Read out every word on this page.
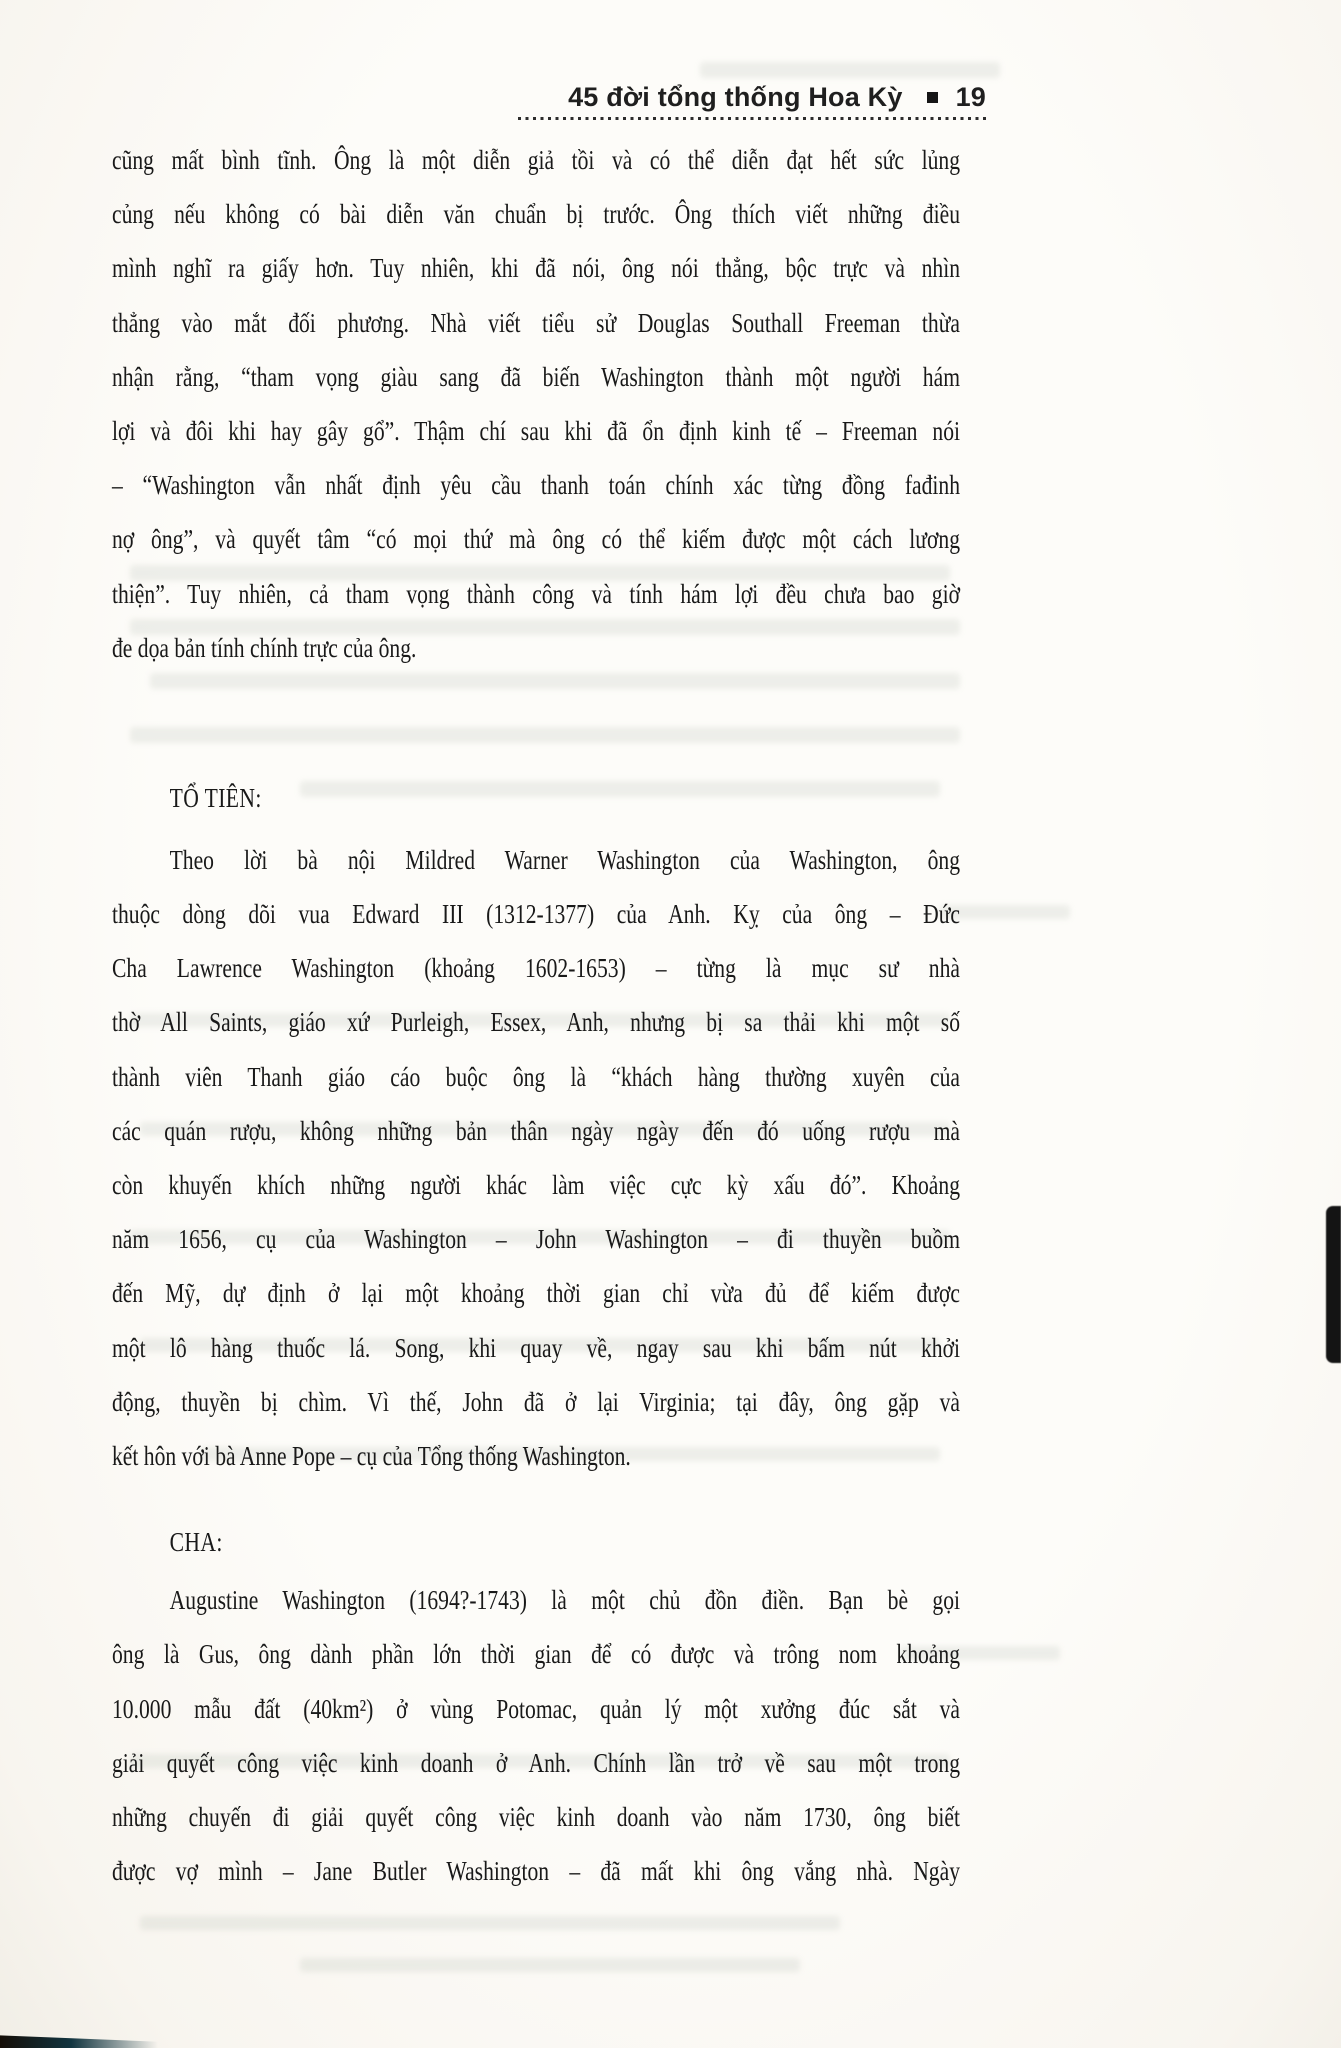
45 đời tổng thống Hoa Kỳ 19
cũng mất bình tĩnh. Ông là một diễn giả tồi và có thể diễn đạt hết sức lủng
củng nếu không có bài diễn văn chuẩn bị trước. Ông thích viết những điều
mình nghĩ ra giấy hơn. Tuy nhiên, khi đã nói, ông nói thẳng, bộc trực và nhìn
thẳng vào mắt đối phương. Nhà viết tiểu sử Douglas Southall Freeman thừa
nhận rằng, “tham vọng giàu sang đã biến Washington thành một người hám
lợi và đôi khi hay gây gổ”. Thậm chí sau khi đã ổn định kinh tế – Freeman nói
– “Washington vẫn nhất định yêu cầu thanh toán chính xác từng đồng fađinh
nợ ông”, và quyết tâm “có mọi thứ mà ông có thể kiếm được một cách lương
thiện”. Tuy nhiên, cả tham vọng thành công và tính hám lợi đều chưa bao giờ
đe dọa bản tính chính trực của ông.
TỔ TIÊN:
Theo lời bà nội Mildred Warner Washington của Washington, ông
thuộc dòng dõi vua Edward III (1312-1377) của Anh. Kỵ của ông – Đức
Cha Lawrence Washington (khoảng 1602-1653) – từng là mục sư nhà
thờ All Saints, giáo xứ Purleigh, Essex, Anh, nhưng bị sa thải khi một số
thành viên Thanh giáo cáo buộc ông là “khách hàng thường xuyên của
các quán rượu, không những bản thân ngày ngày đến đó uống rượu mà
còn khuyến khích những người khác làm việc cực kỳ xấu đó”. Khoảng
năm 1656, cụ của Washington – John Washington – đi thuyền buồm
đến Mỹ, dự định ở lại một khoảng thời gian chỉ vừa đủ để kiếm được
một lô hàng thuốc lá. Song, khi quay về, ngay sau khi bấm nút khởi
động, thuyền bị chìm. Vì thế, John đã ở lại Virginia; tại đây, ông gặp và
kết hôn với bà Anne Pope – cụ của Tổng thống Washington.
CHA:
Augustine Washington (1694?-1743) là một chủ đồn điền. Bạn bè gọi
ông là Gus, ông dành phần lớn thời gian để có được và trông nom khoảng
10.000 mẫu đất (40km²) ở vùng Potomac, quản lý một xưởng đúc sắt và
giải quyết công việc kinh doanh ở Anh. Chính lần trở về sau một trong
những chuyến đi giải quyết công việc kinh doanh vào năm 1730, ông biết
được vợ mình – Jane Butler Washington – đã mất khi ông vắng nhà. Ngày
